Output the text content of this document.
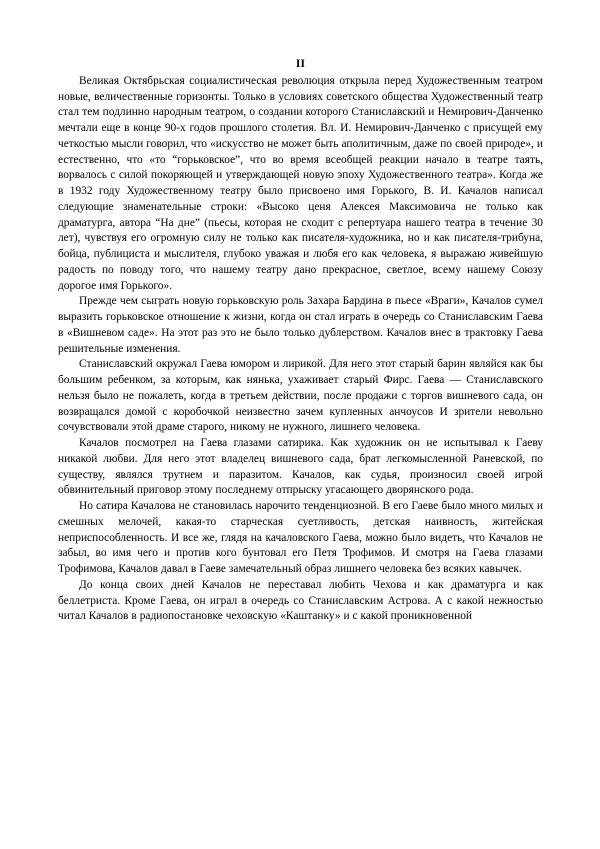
II

Великая Октябрьская социалистическая революция открыла перед Художественным театром новые, величественные горизонты. Только в условиях советского общества Художественный театр стал тем подлинно народным театром, о создании которого Станиславский и Немирович-Данченко мечтали еще в конце 90-х годов прошлого столетия. Вл. И. Немирович-Данченко с присущей ему четкостью мысли говорил, что «искусство не может быть аполитичным, даже по своей природе», и естественно, что «то “горьковское”, что во время всеобщей реакции начало в театре таять, ворвалось с силой покоряющей и утверждающей новую эпоху Художественного театра». Когда же в 1932 году Художественному театру было присвоено имя Горького, В. И. Качалов написал следующие знаменательные строки: «Высоко ценя Алексея Максимовича не только как драматурга, автора “На дне” (пьесы, которая не сходит с репертуара нашего театра в течение 30 лет), чувствуя его огромную силу не только как писателя-художника, но и как писателя-трибуна, бойца, публициста и мыслителя, глубоко уважая и любя его как человека, я выражаю живейшую радость по поводу того, что нашему театру дано прекрасное, светлое, всему нашему Союзу дорогое имя Горького».

Прежде чем сыграть новую горьковскую роль Захара Бардина в пьесе «Враги», Качалов сумел выразить горьковское отношение к жизни, когда он стал играть в очередь со Станиславским Гаева в «Вишневом саде». На этот раз это не было только дублерством. Качалов внес в трактовку Гаева решительные изменения.

Станиславский окружал Гаева юмором и лирикой. Для него этот старый барин являйся как бы большим ребенком, за которым, как нянька, ухаживает старый Фирс. Гаева — Станиславского нельзя было не пожалеть, когда в третьем действии, после продажи с торгов вишневого сада, он возвращался домой с коробочкой неизвестно зачем купленных анчоусов И зрители невольно сочувствовали этой драме старого, никому не нужного, лишнего человека.

Качалов посмотрел на Гаева глазами сатирика. Как художник он не испытывал к Гаеву никакой любви. Для него этот владелец вишневого сада, брат легкомысленной Раневской, по существу, являлся трутнем и паразитом. Качалов, как судья, произносил своей игрой обвинительный приговор этому последнему отпрыску угасающего дворянского рода.

Но сатира Качалова не становилась нарочито тенденциозной. В его Гаеве было много милых и смешных мелочей, какая-то старческая суетливость, детская наивность, житейская неприспособленность. И все же, глядя на качаловского Гаева, можно было видеть, что Качалов не забыл, во имя чего и против кого бунтовал его Петя Трофимов. И смотря на Гаева глазами Трофимова, Качалов давал в Гаеве замечательный образ лишнего человека без всяких кавычек.

До конца своих дней Качалов не переставал любить Чехова и как драматурга и как беллетриста. Кроме Гаева, он играл в очередь со Станиславским Астрова. А с какой нежностью читал Качалов в радиопостановке чеховскую «Каштанку» и с какой проникновенной
